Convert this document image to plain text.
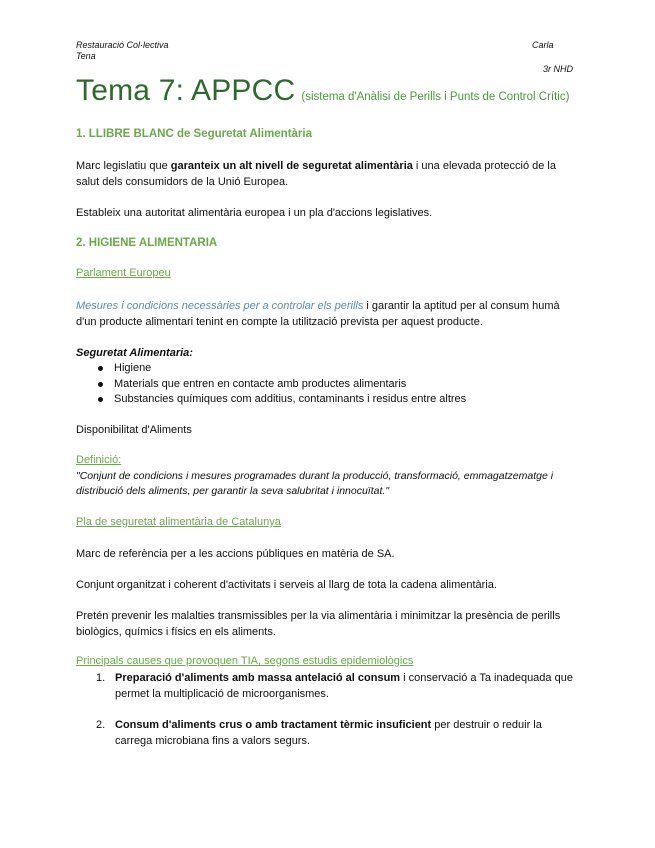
Restauració Col·lectiva
Tena
Carla
3r NHD
Tema 7: APPCC (sistema d'Anàlisi de Perills i Punts de Control Crític)
1. LLIBRE BLANC de Seguretat Alimentària
Marc legislatiu que garanteix un alt nivell de seguretat alimentària i una elevada protecció de la salut dels consumidors de la Unió Europea.
Estableix una autoritat alimentària europea i un pla d'accions legislatives.
2. HIGIENE ALIMENTARIA
Parlament Europeu
Mesures i condicions necessàries per a controlar els perills i garantir la aptitud per al consum humà d'un producte alimentari tenint en compte la utilització prevista per aquest producte.
Seguretat Alimentaria:
Higiene
Materials que entren en contacte amb productes alimentaris
Substancies químiques com additius, contaminants i residus entre altres
Disponibilitat d'Aliments
Definició:
"Conjunt de condicions i mesures programades durant la producció, transformació, emmagatzematge i distribució dels aliments, per garantir la seva salubritat i innocuïtat."
Pla de seguretat alimentària de Catalunya
Marc de referència per a les accions públiques en matèria de SA.
Conjunt organitzat i coherent d'activitats i serveis al llarg de tota la cadena alimentària.
Pretén prevenir les malalties transmissibles per la via alimentària i minimitzar la presència de perills biològics, químics i físics en els aliments.
Principals causes que provoquen TIA, segons estudis epidemiològics
1. Preparació d'aliments amb massa antelació al consum i conservació a Ta inadequada que permet la multiplicació de microorganismes.
2. Consum d'aliments crus o amb tractament tèrmic insuficient per destruir o reduir la carrega microbiana fins a valors segurs.
